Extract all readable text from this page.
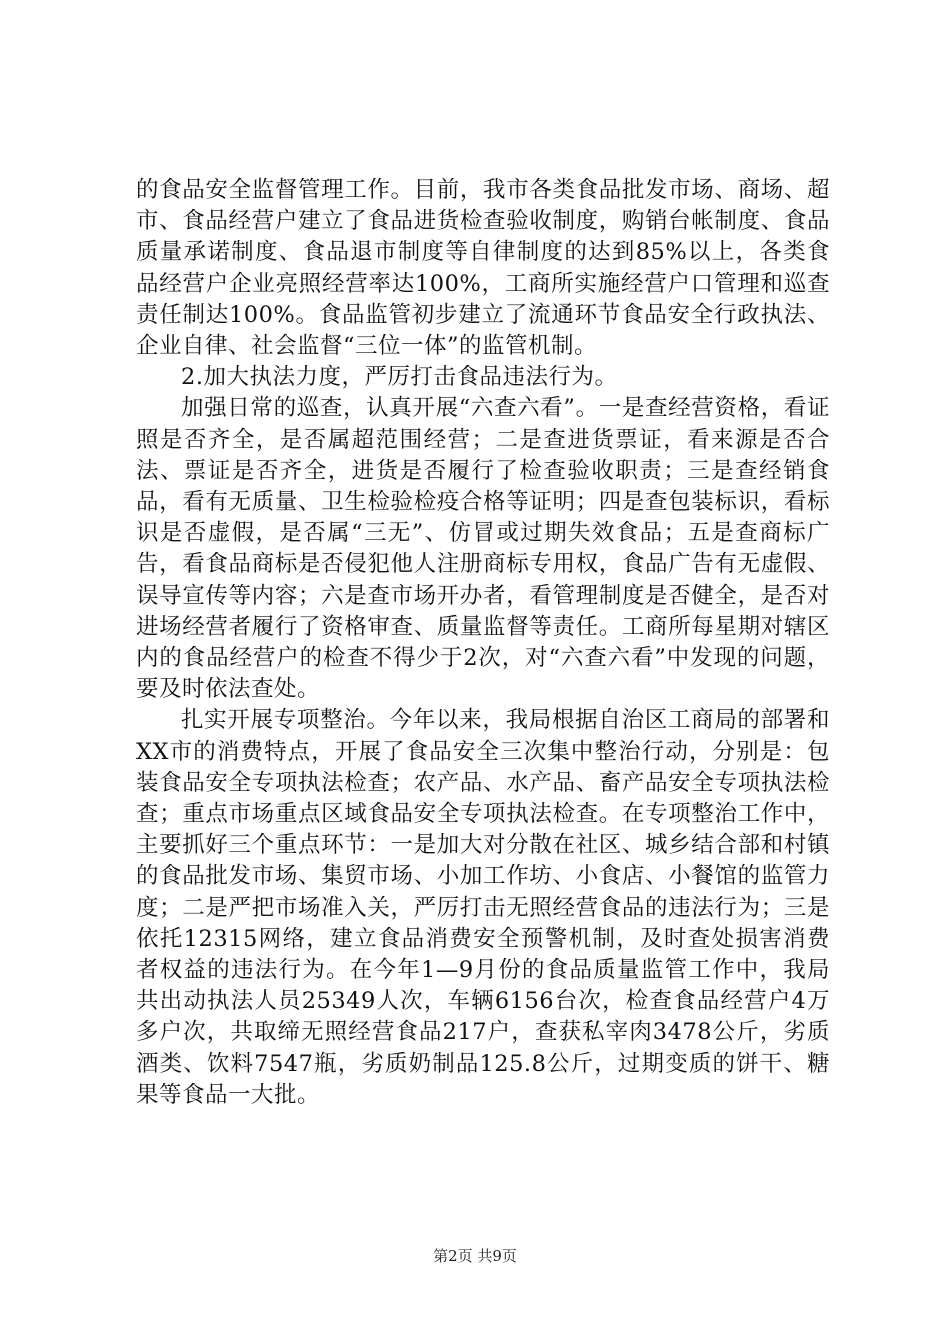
的食品安全监督管理工作。目前，我市各类食品批发市场、商场、超市、食品经营户建立了食品进货检查验收制度，购销台帐制度、食品质量承诺制度、食品退市制度等自律制度的达到85%以上，各类食品经营户企业亮照经营率达100%，工商所实施经营户口管理和巡查责任制达100%。食品监管初步建立了流通环节食品安全行政执法、企业自律、社会监督“三位一体”的监管机制。

2.加大执法力度，严厉打击食品违法行为。

加强日常的巡查，认真开展“六查六看”。一是查经营资格，看证照是否齐全，是否属超范围经营；二是查进货票证，看来源是否合法、票证是否齐全，进货是否履行了检查验收职责；三是查经销食品，看有无质量、卫生检验检疫合格等证明；四是查包装标识，看标识是否虚假，是否属“三无”、仿冒或过期失效食品；五是查商标广告，看食品商标是否侵犯他人注册商标专用权，食品广告有无虚假、误导宣传等内容；六是查市场开办者，看管理制度是否健全，是否对进场经营者履行了资格审查、质量监督等责任。工商所每星期对辖区内的食品经营户的检查不得少于2次，对“六查六看”中发现的问题，要及时依法查处。

扎实开展专项整治。今年以来，我局根据自治区工商局的部署和XX市的消费特点，开展了食品安全三次集中整治行动，分别是：包装食品安全专项执法检查；农产品、水产品、畜产品安全专项执法检查；重点市场重点区域食品安全专项执法检查。在专项整治工作中，主要抓好三个重点环节：一是加大对分散在社区、城乡结合部和村镇的食品批发市场、集贸市场、小加工作坊、小食店、小餐馆的监管力度；二是严把市场准入关，严厉打击无照经营食品的违法行为；三是依托12315网络，建立食品消费安全预警机制，及时查处损害消费者权益的违法行为。在今年1—9月份的食品质量监管工作中，我局共出动执法人员25349人次，车辆6156台次，检查食品经营户4万多户次，共取缔无照经营食品217户，查获私宰肉3478公斤，劣质酒类、饮料7547瓶，劣质奶制品125.8公斤，过期变质的饼干、糖果等食品一大批。

第2页 共9页
